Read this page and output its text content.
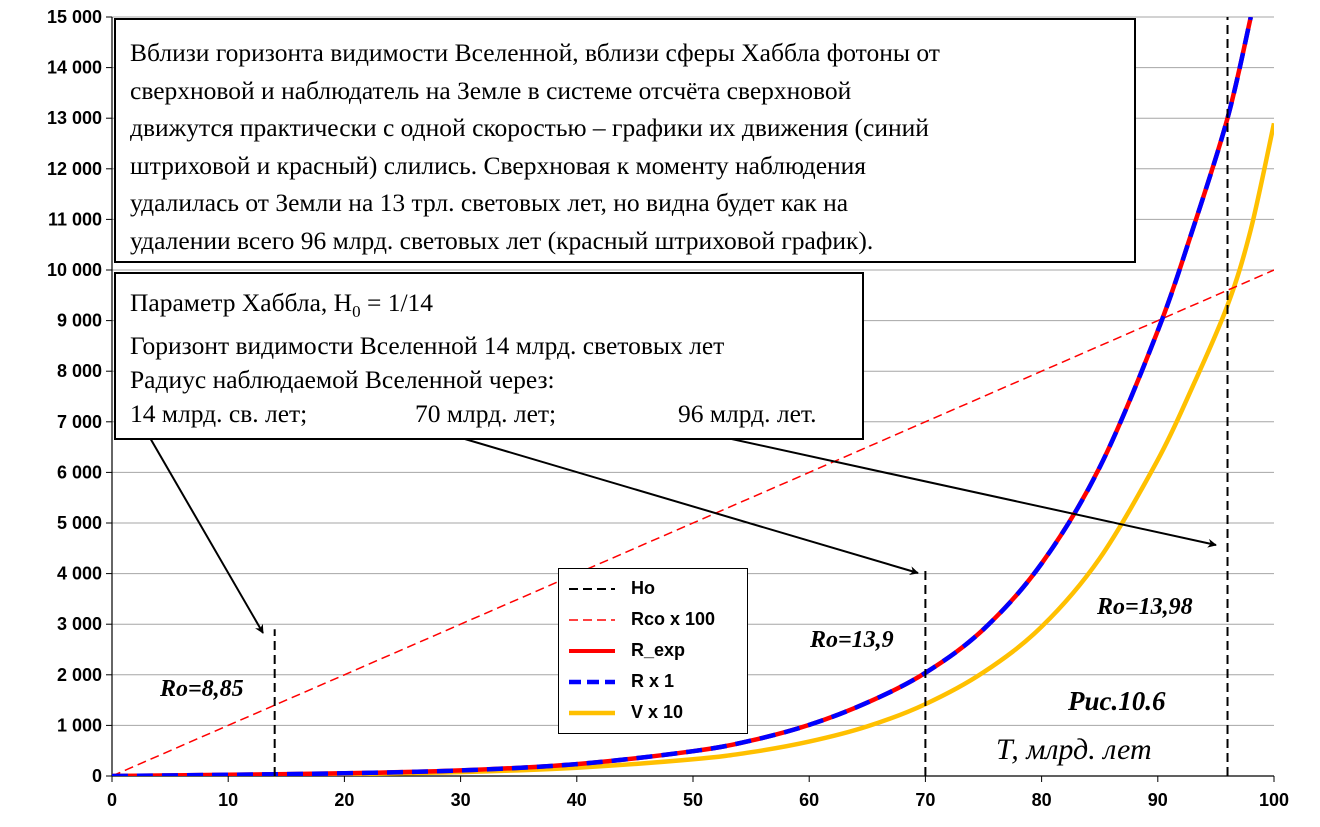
0
1 000
2 000
3 000
4 000
5 000
6 000
7 000
8 000
9 000
10 000
11 000
12 000
13 000
14 000
15 000
0	10	20	30	40	50	60	70	80	90	100
Вблизи горизонта видимости Вселенной, вблизи сферы Хаббла фотоны от
сверхновой и наблюдатель на Земле в системе отсчёта сверхновой
движутся практически с одной скоростью – графики их движения (синий
штриховой и красный) слились. Сверхновая к моменту наблюдения
удалилась от Земли на 13 трл. световых лет, но видна будет как на
удалении всего 96 млрд. световых лет (красный штриховой график).
Параметр Хаббла, $H_0 = 1/14$
Горизонт видимости Вселенной 14 млрд. световых лет
Радиус наблюдаемой Вселенной через:
14 млрд. св. лет;	70 млрд. лет;	96 млрд. лет.
Ho
Rco x 100
R_exp
R x 1
V x 10
Ro=8,85
Ro=13,9
Ro=13,98
Рис.10.6
Т, млрд. лет
